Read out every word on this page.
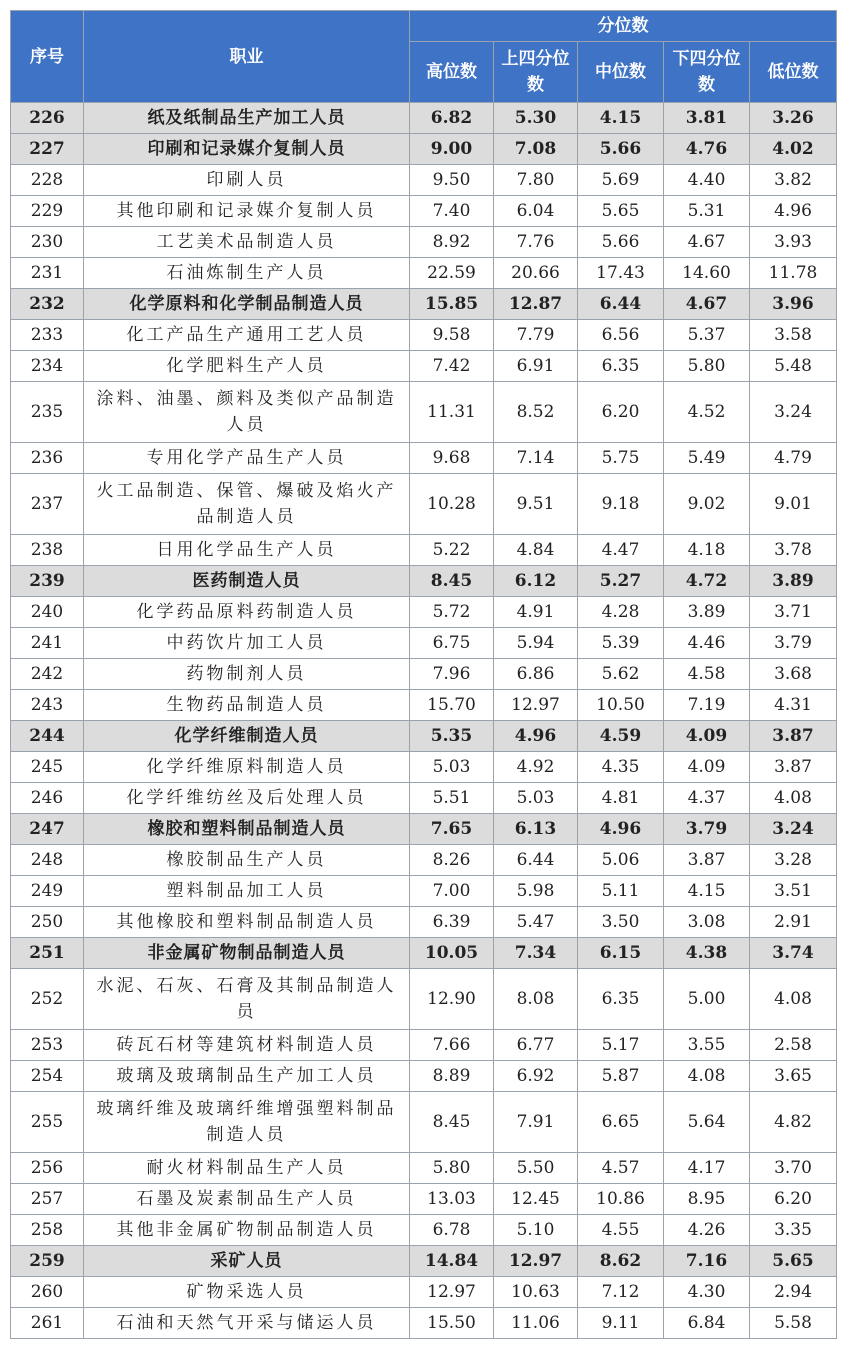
序号	职业	分位数				
		高位数	上四分位数	中位数	下四分位数	低位数
226	纸及纸制品生产加工人员	6.82	5.30	4.15	3.81	3.26
227	印刷和记录媒介复制人员	9.00	7.08	5.66	4.76	4.02
228	印刷人员	9.50	7.80	5.69	4.40	3.82
229	其他印刷和记录媒介复制人员	7.40	6.04	5.65	5.31	4.96
230	工艺美术品制造人员	8.92	7.76	5.66	4.67	3.93
231	石油炼制生产人员	22.59	20.66	17.43	14.60	11.78
232	化学原料和化学制品制造人员	15.85	12.87	6.44	4.67	3.96
233	化工产品生产通用工艺人员	9.58	7.79	6.56	5.37	3.58
234	化学肥料生产人员	7.42	6.91	6.35	5.80	5.48
235	涂料、油墨、颜料及类似产品制造人员	11.31	8.52	6.20	4.52	3.24
236	专用化学产品生产人员	9.68	7.14	5.75	5.49	4.79
237	火工品制造、保管、爆破及焰火产品制造人员	10.28	9.51	9.18	9.02	9.01
238	日用化学品生产人员	5.22	4.84	4.47	4.18	3.78
239	医药制造人员	8.45	6.12	5.27	4.72	3.89
240	化学药品原料药制造人员	5.72	4.91	4.28	3.89	3.71
241	中药饮片加工人员	6.75	5.94	5.39	4.46	3.79
242	药物制剂人员	7.96	6.86	5.62	4.58	3.68
243	生物药品制造人员	15.70	12.97	10.50	7.19	4.31
244	化学纤维制造人员	5.35	4.96	4.59	4.09	3.87
245	化学纤维原料制造人员	5.03	4.92	4.35	4.09	3.87
246	化学纤维纺丝及后处理人员	5.51	5.03	4.81	4.37	4.08
247	橡胶和塑料制品制造人员	7.65	6.13	4.96	3.79	3.24
248	橡胶制品生产人员	8.26	6.44	5.06	3.87	3.28
249	塑料制品加工人员	7.00	5.98	5.11	4.15	3.51
250	其他橡胶和塑料制品制造人员	6.39	5.47	3.50	3.08	2.91
251	非金属矿物制品制造人员	10.05	7.34	6.15	4.38	3.74
252	水泥、石灰、石膏及其制品制造人员	12.90	8.08	6.35	5.00	4.08
253	砖瓦石材等建筑材料制造人员	7.66	6.77	5.17	3.55	2.58
254	玻璃及玻璃制品生产加工人员	8.89	6.92	5.87	4.08	3.65
255	玻璃纤维及玻璃纤维增强塑料制品制造人员	8.45	7.91	6.65	5.64	4.82
256	耐火材料制品生产人员	5.80	5.50	4.57	4.17	3.70
257	石墨及炭素制品生产人员	13.03	12.45	10.86	8.95	6.20
258	其他非金属矿物制品制造人员	6.78	5.10	4.55	4.26	3.35
259	采矿人员	14.84	12.97	8.62	7.16	5.65
260	矿物采选人员	12.97	10.63	7.12	4.30	2.94
261	石油和天然气开采与储运人员	15.50	11.06	9.11	6.84	5.58
